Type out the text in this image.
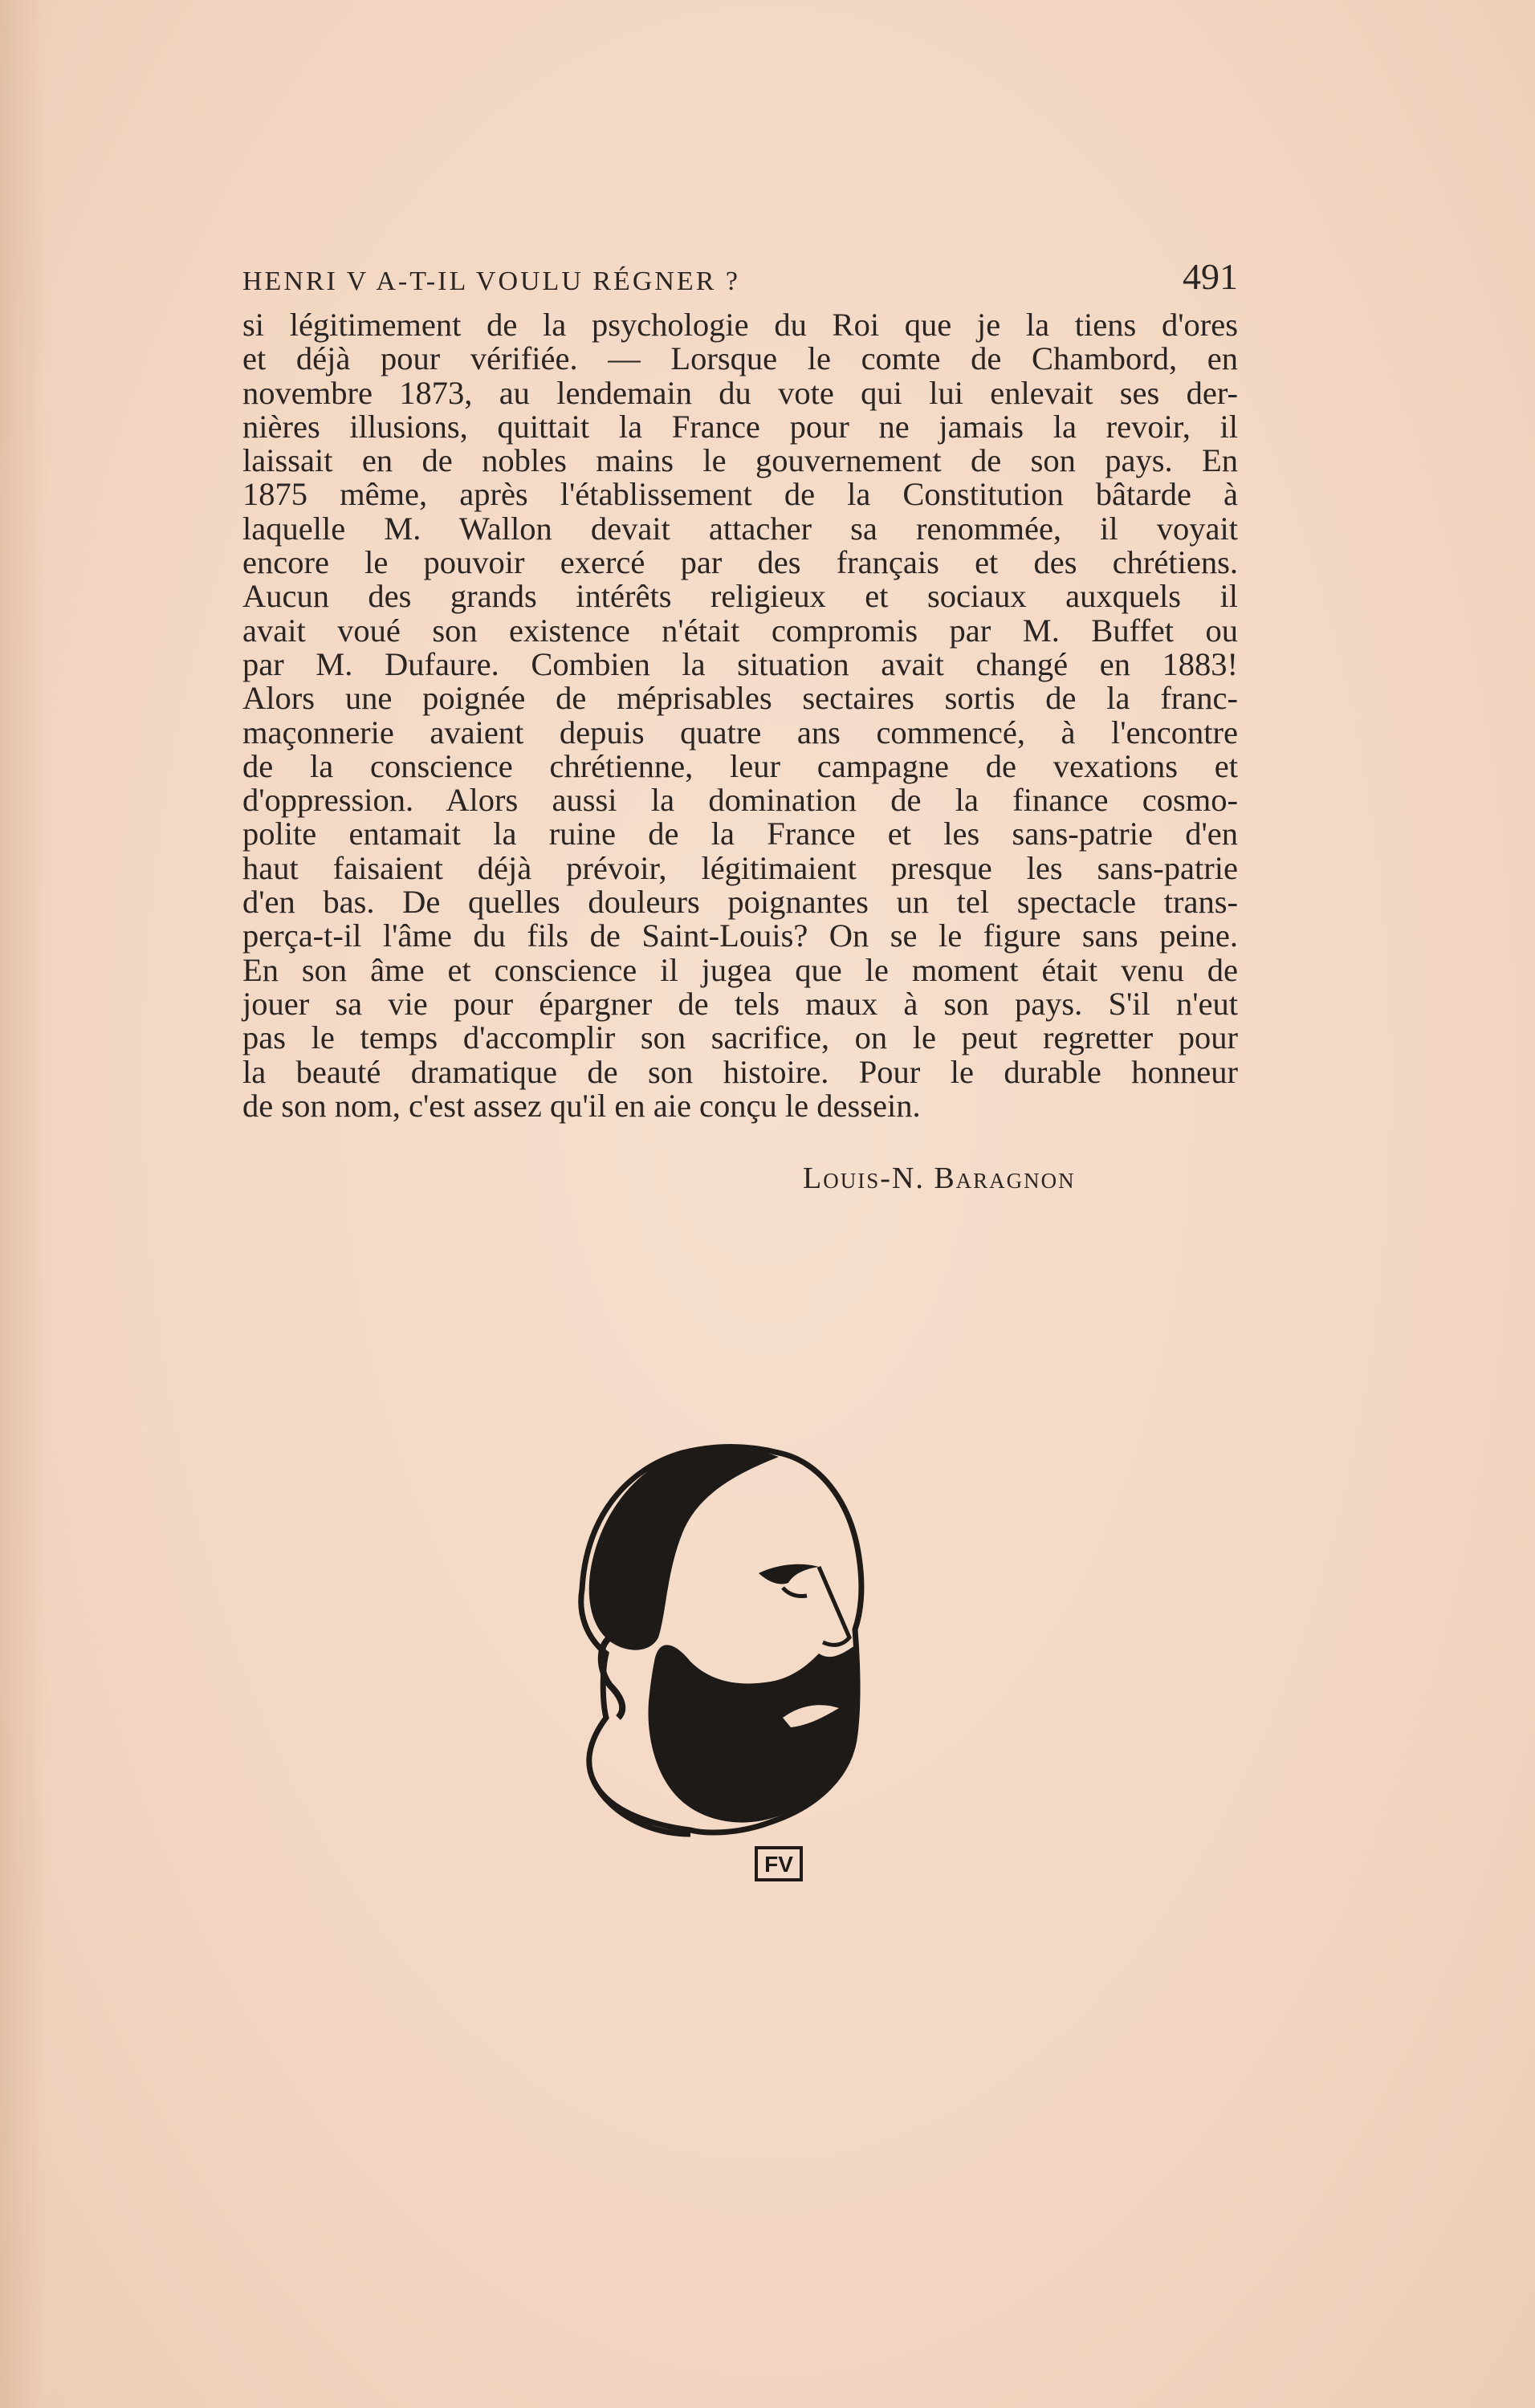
HENRI V A-T-IL VOULU RÉGNER ?	491
si légitimement de la psychologie du Roi que je la tiens d'ores
et déjà pour vérifiée. — Lorsque le comte de Chambord, en
novembre 1873, au lendemain du vote qui lui enlevait ses der-
nières illusions, quittait la France pour ne jamais la revoir, il
laissait en de nobles mains le gouvernement de son pays. En
1875 même, après l'établissement de la Constitution bâtarde à
laquelle M. Wallon devait attacher sa renommée, il voyait
encore le pouvoir exercé par des français et des chrétiens.
Aucun des grands intérêts religieux et sociaux auxquels il
avait voué son existence n'était compromis par M. Buffet ou
par M. Dufaure. Combien la situation avait changé en 1883!
Alors une poignée de méprisables sectaires sortis de la franc-
maçonnerie avaient depuis quatre ans commencé, à l'encontre
de la conscience chrétienne, leur campagne de vexations et
d'oppression. Alors aussi la domination de la finance cosmo-
polite entamait la ruine de la France et les sans-patrie d'en
haut faisaient déjà prévoir, légitimaient presque les sans-patrie
d'en bas. De quelles douleurs poignantes un tel spectacle trans-
perça-t-il l'âme du fils de Saint-Louis? On se le figure sans peine.
En son âme et conscience il jugea que le moment était venu de
jouer sa vie pour épargner de tels maux à son pays. S'il n'eut
pas le temps d'accomplir son sacrifice, on le peut regretter pour
la beauté dramatique de son histoire. Pour le durable honneur
de son nom, c'est assez qu'il en aie conçu le dessein.
Louis-N. Baragnon
FV
